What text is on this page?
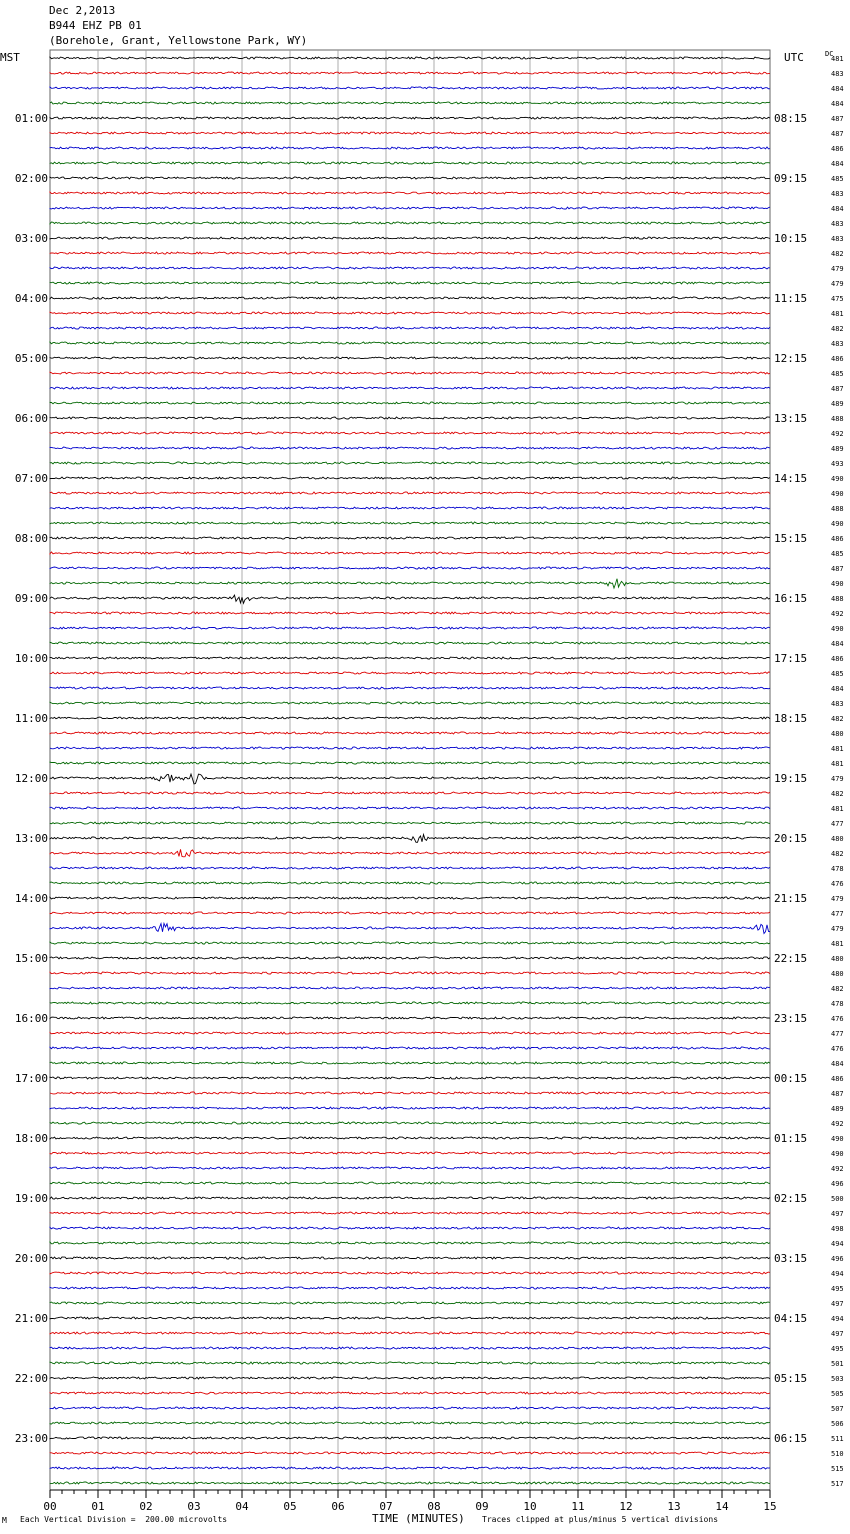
Dec 2,2013
B944 EHZ PB 01
(Borehole, Grant, Yellowstone Park, WY)
481
483
484
484
487
487
486
484
485
483
484
483
483
482
479
479
475
481
482
483
486
485
487
489
488
492
489
493
490
490
488
490
486
485
487
490
488
492
490
484
486
485
484
483
482
480
481
481
479
482
481
477
480
482
478
476
479
477
479
481
480
480
482
478
476
477
476
484
486
487
489
492
490
490
492
496
500
497
498
494
496
494
495
497
494
497
495
501
503
505
507
506
511
510
515
517
MST	UTC	DC
01:00
02:00
03:00
04:00
05:00
06:00
07:00
08:00
09:00
10:00
11:00
12:00
13:00
14:00
15:00
16:00
17:00
18:00
19:00
20:00
21:00
22:00
23:00
08:15
09:15
10:15
11:15
12:15
13:15
14:15
15:15
16:15
17:15
18:15
19:15
20:15
21:15
22:15
23:15
00:15
01:15
02:15
03:15
04:15
05:15
06:15
00	01	02	03	04	05	06	07	08	09	10	11	12	13	14	15
TIME (MINUTES)
M Each Vertical Division =  200.00 microvolts	Traces clipped at plus/minus 5 vertical divisions
